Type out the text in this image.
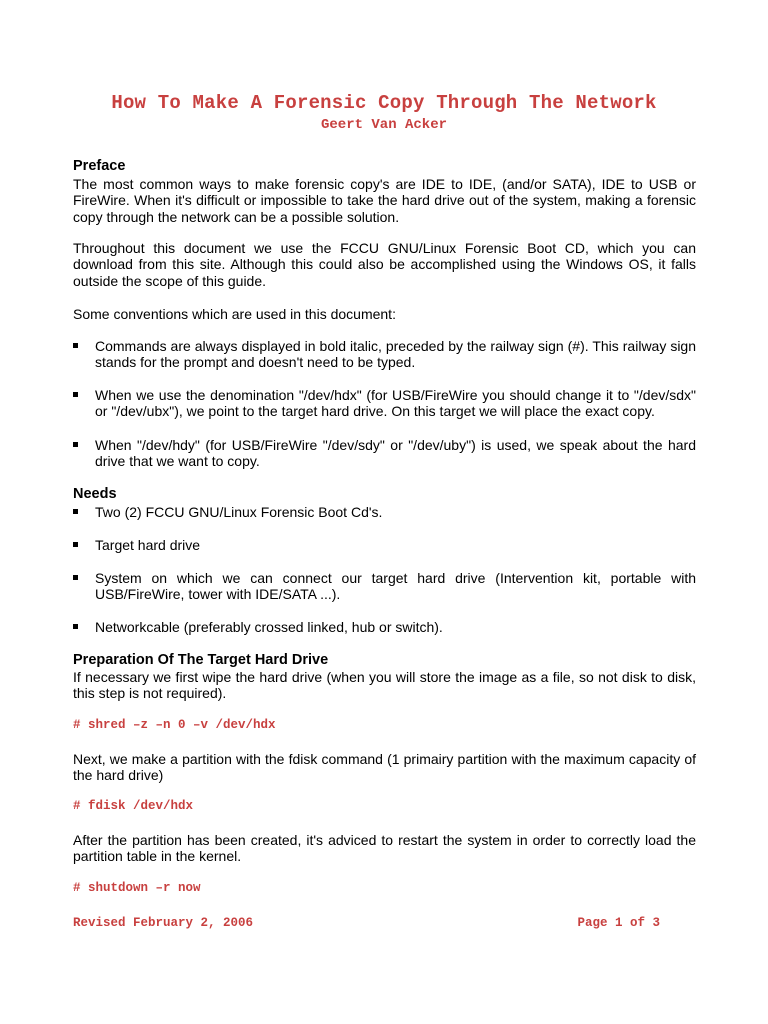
How To Make A Forensic Copy Through The Network
Geert Van Acker
Preface
The most common ways to make forensic copy's are IDE to IDE, (and/or SATA), IDE to USB or FireWire. When it's difficult or impossible to take the hard drive out of the system, making a forensic copy through the network can be a possible solution.
Throughout this document we use the FCCU GNU/Linux Forensic Boot CD, which you can download from this site. Although this could also be accomplished using the Windows OS, it falls outside the scope of this guide.
Some conventions which are used in this document:
Commands are always displayed in bold italic, preceded by the railway sign (#). This railway sign stands for the prompt and doesn't need to be typed.
When we use the denomination "/dev/hdx" (for USB/FireWire you should change it to "/dev/sdx" or "/dev/ubx"), we point to the target hard drive. On this target we will place the exact copy.
When "/dev/hdy" (for USB/FireWire "/dev/sdy" or "/dev/uby") is used, we speak about the hard drive that we want to copy.
Needs
Two (2) FCCU GNU/Linux Forensic Boot Cd's.
Target hard drive
System on which we can connect our target hard drive (Intervention kit, portable with USB/FireWire, tower with IDE/SATA ...).
Networkcable (preferably crossed linked, hub or switch).
Preparation Of The Target Hard Drive
If necessary we first wipe the hard drive (when you will store the image as a file, so not disk to disk, this step is not required).
# shred –z –n 0 –v /dev/hdx
Next, we make a partition with the fdisk command (1 primairy partition with the maximum capacity of the hard drive)
# fdisk /dev/hdx
After the partition has been created, it's adviced to restart the system in order to correctly load the partition table in the kernel.
# shutdown –r now
Revised February 2, 2006	Page 1 of 3
